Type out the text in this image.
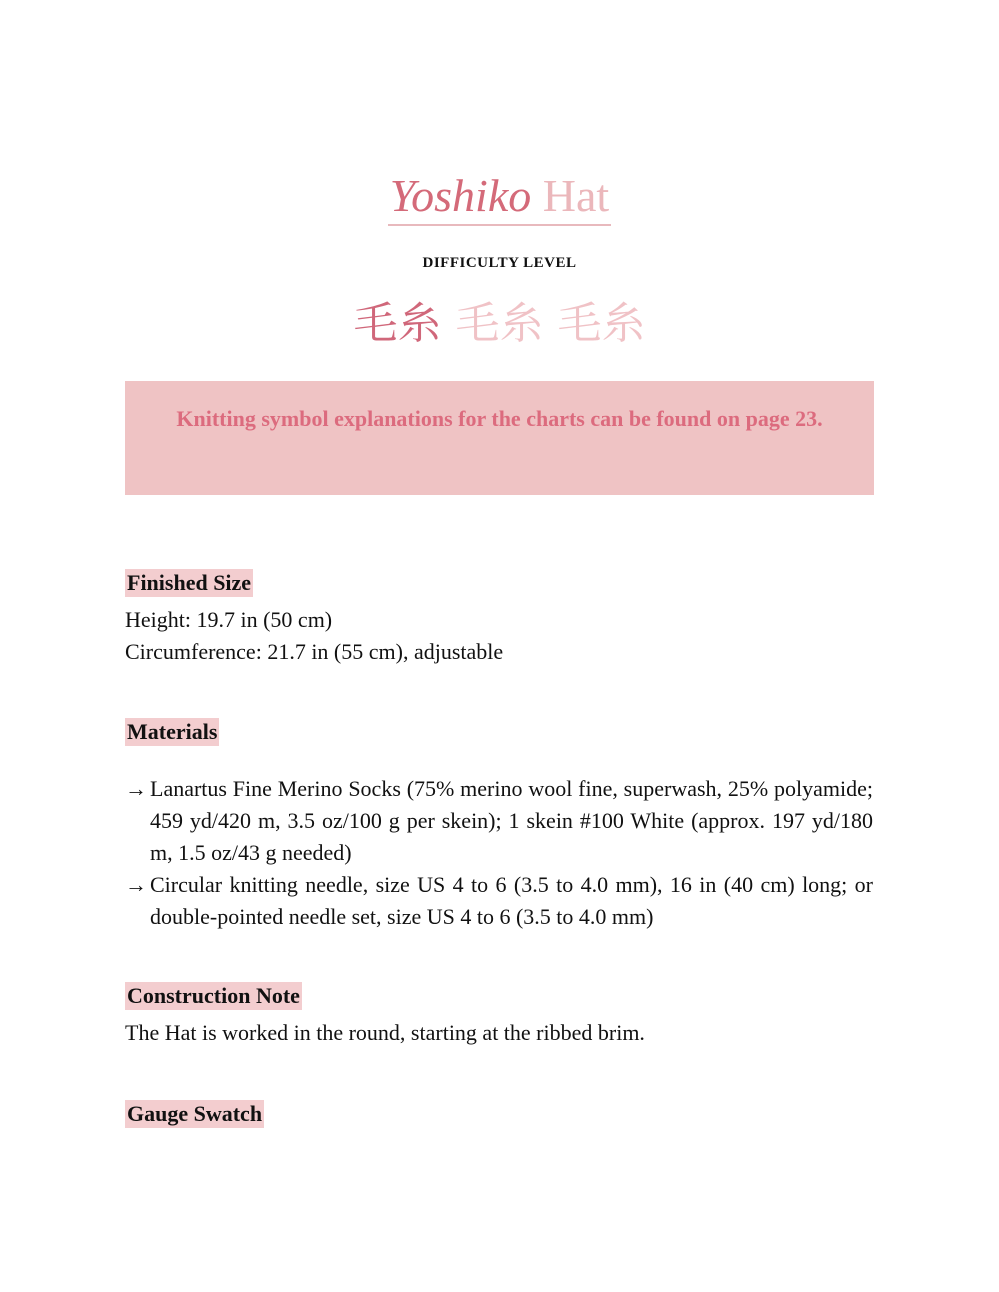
Yoshiko Hat
DIFFICULTY LEVEL
毛糸 毛糸 毛糸
Knitting symbol explanations for the charts can be found on page 23.
Finished Size
Height: 19.7 in (50 cm)
Circumference: 21.7 in (55 cm), adjustable
Materials
→ Lanartus Fine Merino Socks (75% merino wool fine, superwash, 25% polyamide; 459 yd/420 m, 3.5 oz/100 g per skein); 1 skein #100 White (approx. 197 yd/180 m, 1.5 oz/43 g needed)
→ Circular knitting needle, size US 4 to 6 (3.5 to 4.0 mm), 16 in (40 cm) long; or double-pointed needle set, size US 4 to 6 (3.5 to 4.0 mm)
Construction Note
The Hat is worked in the round, starting at the ribbed brim.
Gauge Swatch
